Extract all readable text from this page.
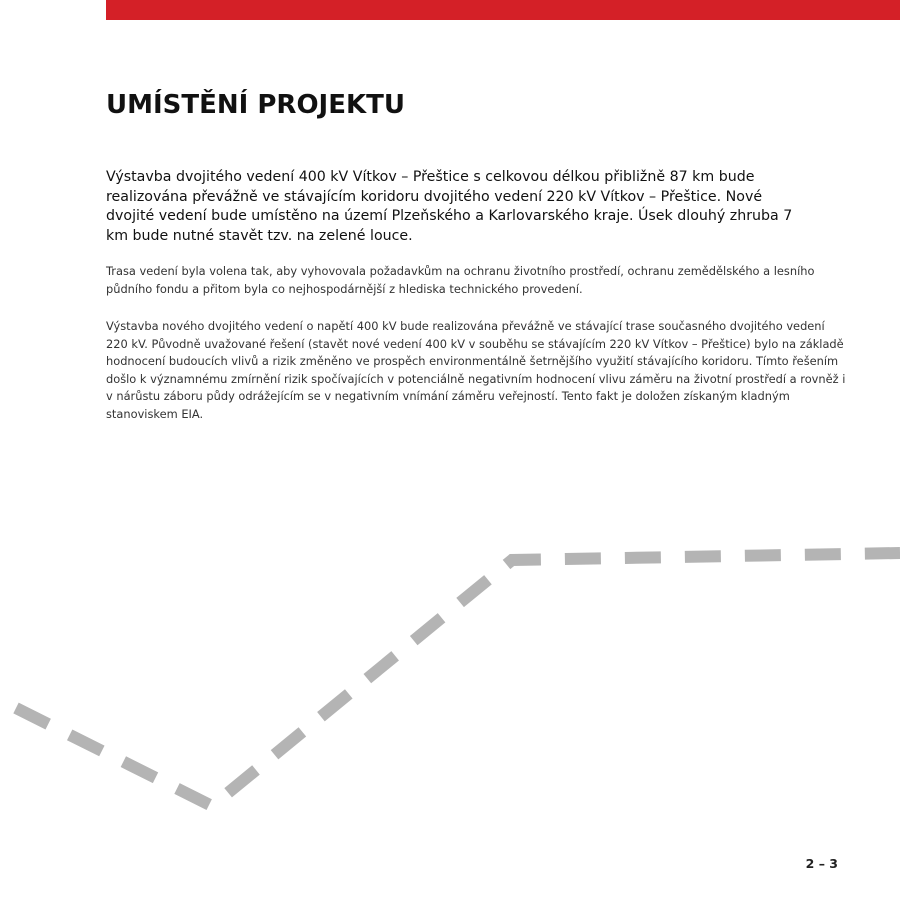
UMÍSTĚNÍ PROJEKTU

Výstavba dvojitého vedení 400 kV Vítkov – Přeštice s celkovou délkou přibližně 87 km bude realizována převážně ve stávajícím koridoru dvojitého vedení 220 kV Vítkov – Přeštice. Nové dvojité vedení bude umístěno na území Plzeňského a Karlovarského kraje. Úsek dlouhý zhruba 7 km bude nutné stavět tzv. na zelené louce.

Trasa vedení byla volena tak, aby vyhovovala požadavkům na ochranu životního prostředí, ochranu zemědělského a lesního půdního fondu a přitom byla co nejhospodárnější z hlediska technického provedení.

Výstavba nového dvojitého vedení o napětí 400 kV bude realizována převážně ve stávající trase současného dvojitého vedení 220 kV. Původně uvažované řešení (stavět nové vedení 400 kV v souběhu se stávajícím 220 kV Vítkov – Přeštice) bylo na základě hodnocení budoucích vlivů a rizik změněno ve prospěch environmentálně šetrnějšího využití stávajícího koridoru. Tímto řešením došlo k významnému zmírnění rizik spočívajících v potenciálně negativním hodnocení vlivu záměru na životní prostředí a rovněž i v nárůstu záboru půdy odrážejícím se v negativním vnímání záměru veřejností. Tento fakt je doložen získaným kladným stanoviskem EIA.

2 – 3
